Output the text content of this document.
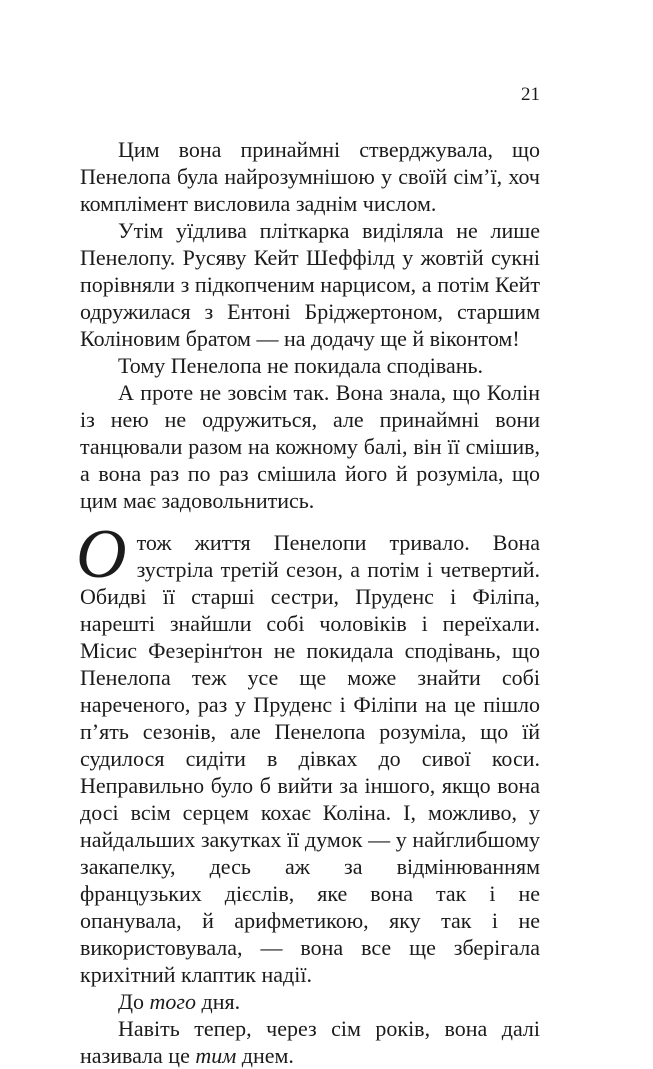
21

Цим вона принаймні стверджувала, що Пенелопа була найрозумнішою у своїй сім’ї, хоч комплімент висловила заднім числом.

Утім уїдлива пліткарка виділяла не лише Пенелопу. Русяву Кейт Шеффілд у жовтій сукні порівняли з підкопченим нарцисом, а потім Кейт одружилася з Ентоні Бріджертоном, старшим Коліновим братом — на додачу ще й віконтом!

Тому Пенелопа не покидала сподівань.

А проте не зовсім так. Вона знала, що Колін із нею не одружиться, але принаймні вони танцювали разом на кожному балі, він її смішив, а вона раз по раз смішила його й розуміла, що цим має задовольнитись.

Отож життя Пенелопи тривало. Вона зустріла третій сезон, а потім і четвертий. Обидві її старші сестри, Пруденс і Філіпа, нарешті знайшли собі чоловіків і переїхали. Місис Фезерінґтон не покидала сподівань, що Пенелопа теж усе ще може знайти собі нареченого, раз у Пруденс і Філіпи на це пішло п’ять сезонів, але Пенелопа розуміла, що їй судилося сидіти в дівках до сивої коси. Неправильно було б вийти за іншого, якщо вона досі всім серцем кохає Коліна. І, можливо, у найдальших закутках її думок — у найглибшому закапелку, десь аж за відмінюванням французьких дієслів, яке вона так і не опанувала, й арифметикою, яку так і не використовувала, — вона все ще зберігала крихітний клаптик надії.

До того дня.

Навіть тепер, через сім років, вона далі називала це тим днем.
